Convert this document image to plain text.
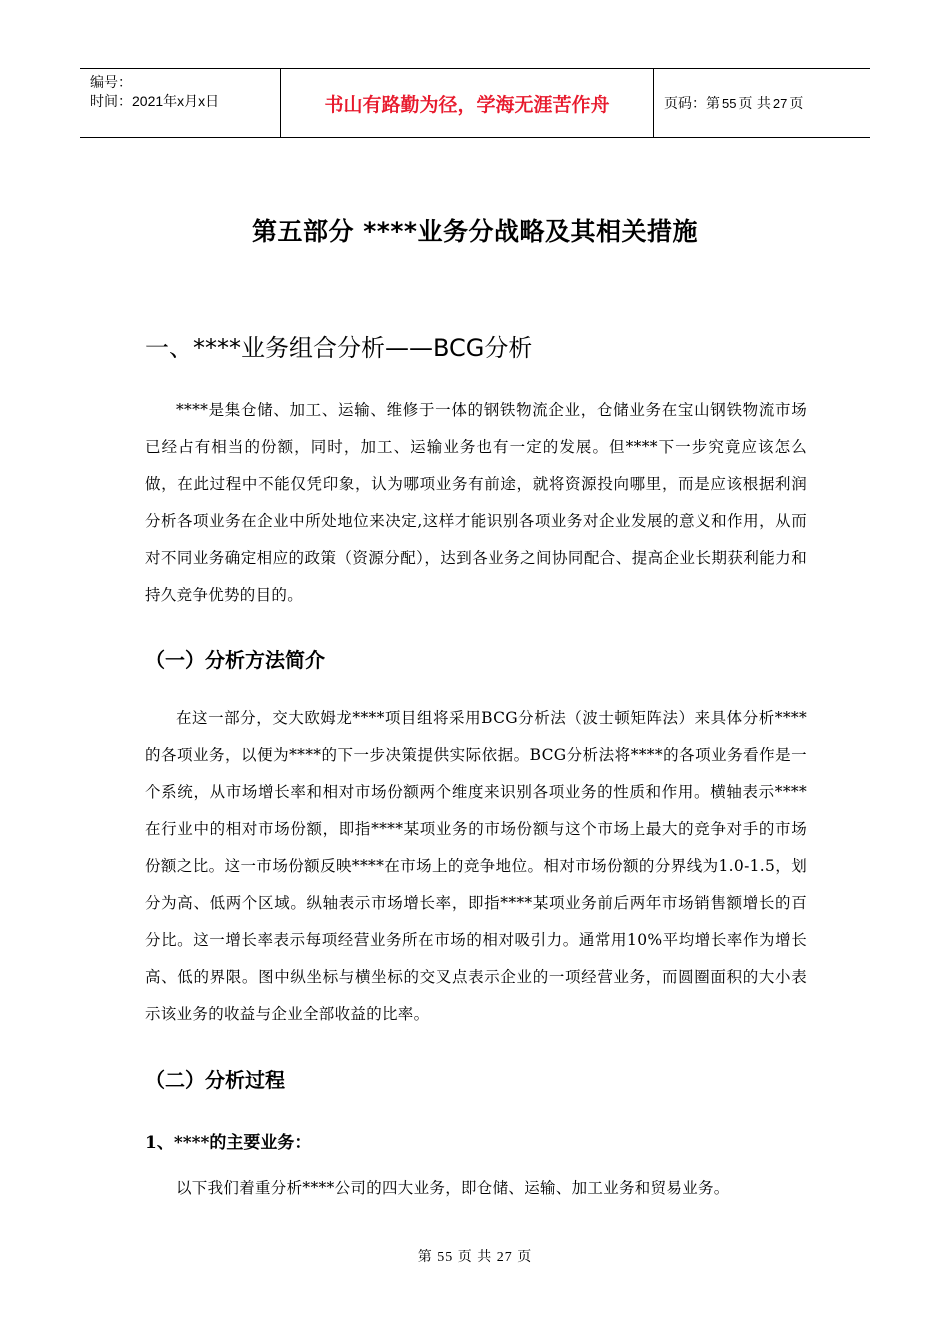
编号：
时间：2021年x月x日	书山有路勤为径，学海无涯苦作舟	页码：第 55 页 共 27 页
第五部分 ****业务分战略及其相关措施
一、****业务组合分析——BCG分析
****是集仓储、加工、运输、维修于一体的钢铁物流企业，仓储业务在宝山钢铁物流市场已经占有相当的份额，同时，加工、运输业务也有一定的发展。但****下一步究竟应该怎么做，在此过程中不能仅凭印象，认为哪项业务有前途，就将资源投向哪里，而是应该根据利润分析各项业务在企业中所处地位来决定,这样才能识别各项业务对企业发展的意义和作用，从而对不同业务确定相应的政策（资源分配），达到各业务之间协同配合、提高企业长期获利能力和持久竞争优势的目的。
（一）分析方法简介
在这一部分，交大欧姆龙****项目组将采用BCG分析法（波士顿矩阵法）来具体分析****的各项业务，以便为****的下一步决策提供实际依据。BCG分析法将****的各项业务看作是一个系统，从市场增长率和相对市场份额两个维度来识别各项业务的性质和作用。横轴表示****在行业中的相对市场份额，即指****某项业务的市场份额与这个市场上最大的竞争对手的市场份额之比。这一市场份额反映****在市场上的竞争地位。相对市场份额的分界线为1.0-1.5，划分为高、低两个区域。纵轴表示市场增长率，即指****某项业务前后两年市场销售额增长的百分比。这一增长率表示每项经营业务所在市场的相对吸引力。通常用10%平均增长率作为增长高、低的界限。图中纵坐标与横坐标的交叉点表示企业的一项经营业务，而圆圈面积的大小表示该业务的收益与企业全部收益的比率。
（二）分析过程
1、****的主要业务：
以下我们着重分析****公司的四大业务，即仓储、运输、加工业务和贸易业务。
第 55 页 共 27 页
